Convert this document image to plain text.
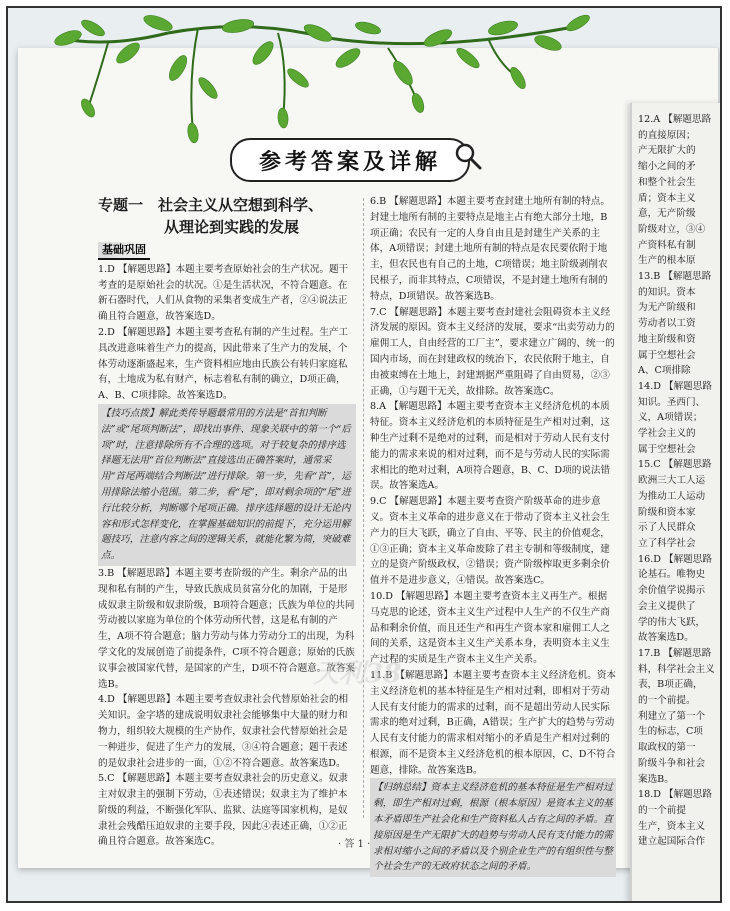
参考答案及详解

专题一　社会主义从空想到科学、

从理论到实践的发展

基础巩固

1.D 【解题思路】本题主要考查原始社会的生产状况。题干考查的是原始社会的状况。①是生活状况，不符合题意。在新石器时代，人们从食物的采集者变成生产者，②④说法正确且符合题意，故答案选D。

2.D 【解题思路】本题主要考查私有制的产生过程。生产工具改进意味着生产力的提高，因此带来了生产力的发展，个体劳动逐渐盛起来，生产资料相应地由氏族公有转归家庭私有，土地成为私有财产，标志着私有制的确立，D项正确，A、B、C项排除。故答案选D。

【技巧点拨】解此类传导题最常用的方法是“首扣判断法”或“尾项判断法”，即找出事件、现象关联中的第一个“后项”时，注意排除所有不合理的选项。对于较复杂的排序选择题无法用“首位判断法”直接选出正确答案时，通常采用“首尾两端结合判断法”进行排除。第一步，先看“首”，运用排除法缩小范围。第二步，看“尾”，即对剩余项的“尾”进行比较分析，判断哪个尾项正确。排序选择题的设计无论内容和形式怎样变化，在掌握基础知识的前提下，充分运用解题技巧，注意内容之间的逻辑关系，就能化繁为简，突破难点。

3.B 【解题思路】本题主要考查阶级的产生。剩余产品的出现和私有制的产生，导致氏族成员贫富分化的加剧，于是形成奴隶主阶级和奴隶阶级，B项符合题意；氏族为单位的共同劳动被以家庭为单位的个体劳动所代替，这是私有制的产生，A项不符合题意；脑力劳动与体力劳动分工的出现，为科学文化的发展创造了前提条件，C项不符合题意；原始的氏族议事会被国家代替，是国家的产生，D项不符合题意。故答案选B。

4.D 【解题思路】本题主要考查奴隶社会代替原始社会的相关知识。金字塔的建成说明奴隶社会能够集中大量的财力和物力，组织较大规模的生产协作，奴隶社会代替原始社会是一种进步，促进了生产力的发展，③④符合题意；题干表述的是奴隶社会进步的一面，①②不符合题意。故答案选D。

5.C 【解题思路】本题主要考查奴隶社会的历史意义。奴隶主对奴隶主的强制下劳动，①表述错误；奴隶主为了维护本阶级的利益，不断强化军队、监狱、法庭等国家机构，是奴隶社会残酷压迫奴隶的主要手段，因此④表述正确，①②正确且符合题意。故答案选C。

6.B 【解题思路】本题主要考查封建土地所有制的特点。封建土地所有制的主要特点是地主占有绝大部分土地，B项正确；农民有一定的人身自由且是封建生产关系的主体，A项错误；封建土地所有制的特点是农民要依附于地主，但农民也有自己的土地，C项错误；地主阶级剥削农民根子，而非其特点，C项错误，不是封建土地所有制的特点，D项错误。故答案选B。

7.C 【解题思路】本题主要考查封建社会阻碍资本主义经济发展的原因。资本主义经济的发展，要求“出卖劳动力的雇佣工人，自由经营的工厂主”，要求建立广阔的、统一的国内市场，而在封建政权的统治下，农民依附于地主，自由被束缚在土地上，封建割据严重阻碍了自由贸易，②③正确，①与题干无关，故排除。故答案选C。

8.A 【解题思路】本题主要考查资本主义经济危机的本质特征。资本主义经济危机的本质特征是生产相对过剩，这种生产过剩不是绝对的过剩，而是相对于劳动人民有支付能力的需求来说的相对过剩，而不是与劳动人民的实际需求相比的绝对过剩，A项符合题意，B、C、D项的说法错误。故答案选A。

9.C 【解题思路】本题主要考查资产阶级革命的进步意义。资本主义革命的进步意义在于带动了资本主义社会生产力的巨大飞跃，确立了自由、平等、民主的价值观念，①③正确；资本主义革命废除了君主专制和等级制度，建立的是资产阶级政权，②错误；资产阶级榨取更多剩余价值并不是进步意义，④错误。故答案选C。

10.D 【解题思路】本题主要考查资本主义再生产。根据马克思的论述，资本主义生产过程中人生产的不仅生产商品和剩余价值，而且还生产和再生产资本家和雇佣工人之间的关系，这是资本主义生产关系本身，表明资本主义生产过程的实质是生产资本主义生产关系。

11.B 【解题思路】本题主要考查资本主义经济危机。资本主义经济危机的基本特征是生产相对过剩，即相对于劳动人民有支付能力的需求的过剩，而不是超出劳动人民实际需求的绝对过剩，B正确，A错误；生产扩大的趋势与劳动人民有支付能力的需求相对缩小的矛盾是生产相对过剩的根源，而不是资本主义经济危机的根本原因，C、D不符合题意，排除。故答案选B。

【归纳总结】资本主义经济危机的基本特征是生产相对过剩，即生产相对过剩，根源（根本原因）是资本主义的基本矛盾即生产社会化和生产资料私人占有之间的矛盾。直接原因是生产无限扩大的趋势与劳动人民有支付能力的需求相对缩小之间的矛盾以及个别企业生产的有组织性与整个社会生产的无政府状态之间的矛盾。

天利38
· 答 1 ·

12.A 【解题思路

的直接原因；

产无限扩大的

缩小之间的矛

和整个社会生

盾；资本主义

意，无产阶级

阶级对立，③④

产资料私有制

生产的根本原

13.B 【解题思路

的知识。资本

为无产阶级和

劳动者以工资

地主阶级和资

属于空想社会

A、C项排除

14.D 【解题思路

知识。圣西门、

义，A项错误；

学社会主义的

属于空想社会

15.C 【解题思路

欧洲三大工人运

为推动工人运动

阶级和资本家

示了人民群众

立了科学社会

16.D 【解题思路

论基石。唯物史

余价值学说揭示

会主义提供了

学的伟大飞跃，

故答案选D。

17.B 【解题思路

料，科学社会主义

表，B项正确，

的一个前提。

利建立了第一个

生的标志，C项

取政权的第一

阶级斗争和社会

案选B。

18.D 【解题思路

的一个前提

生产，资本主义

建立起国际合作
